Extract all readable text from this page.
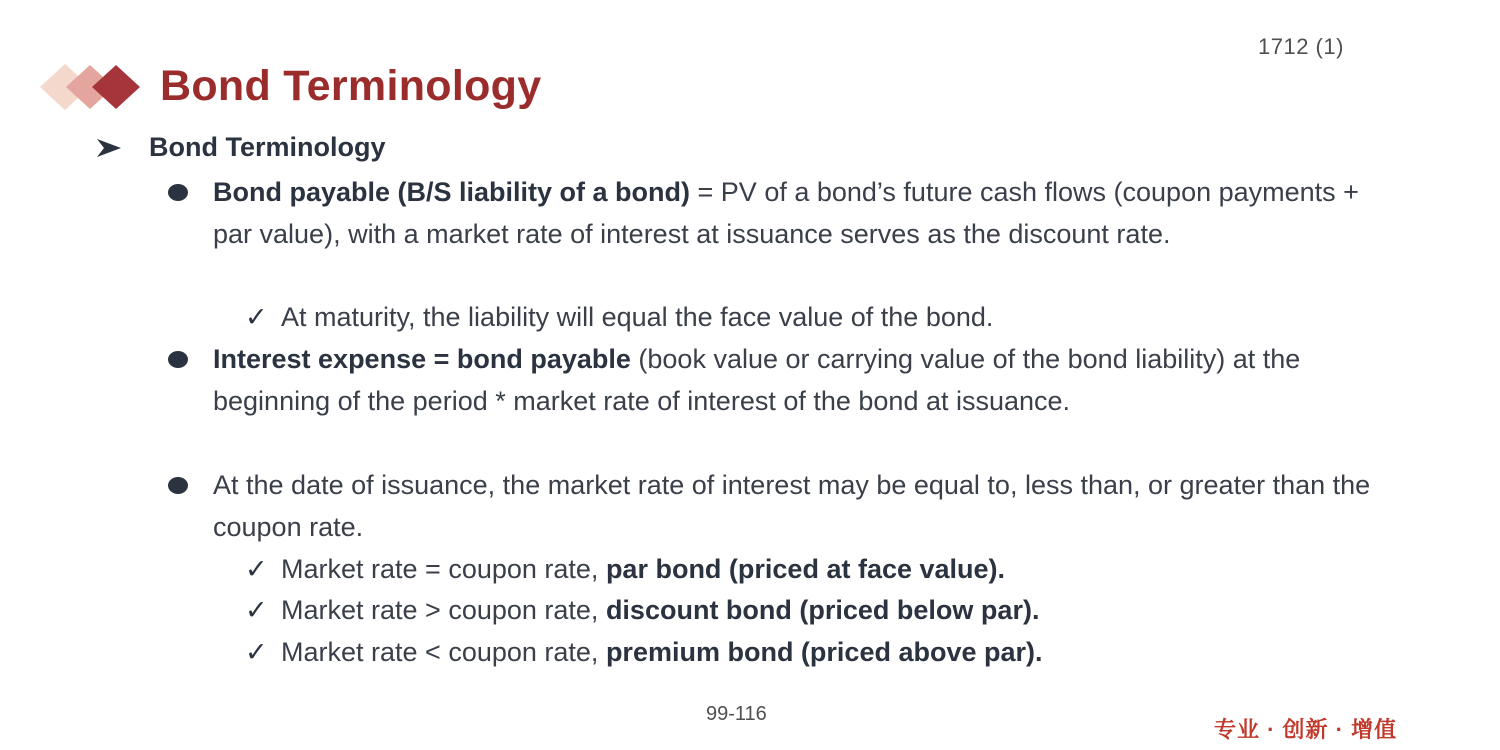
1712 (1)
Bond Terminology
Bond Terminology
Bond payable (B/S liability of a bond) = PV of a bond’s future cash flows (coupon payments + par value), with a market rate of interest at issuance serves as the discount rate.
✓ At maturity, the liability will equal the face value of the bond.
Interest expense = bond payable (book value or carrying value of the bond liability) at the beginning of the period * market rate of interest of the bond at issuance.
At the date of issuance, the market rate of interest may be equal to, less than, or greater than the coupon rate.
✓ Market rate = coupon rate, par bond (priced at face value).
✓ Market rate > coupon rate, discount bond (priced below par).
✓ Market rate < coupon rate, premium bond (priced above par).
99-116
专业 · 创新 · 增值
